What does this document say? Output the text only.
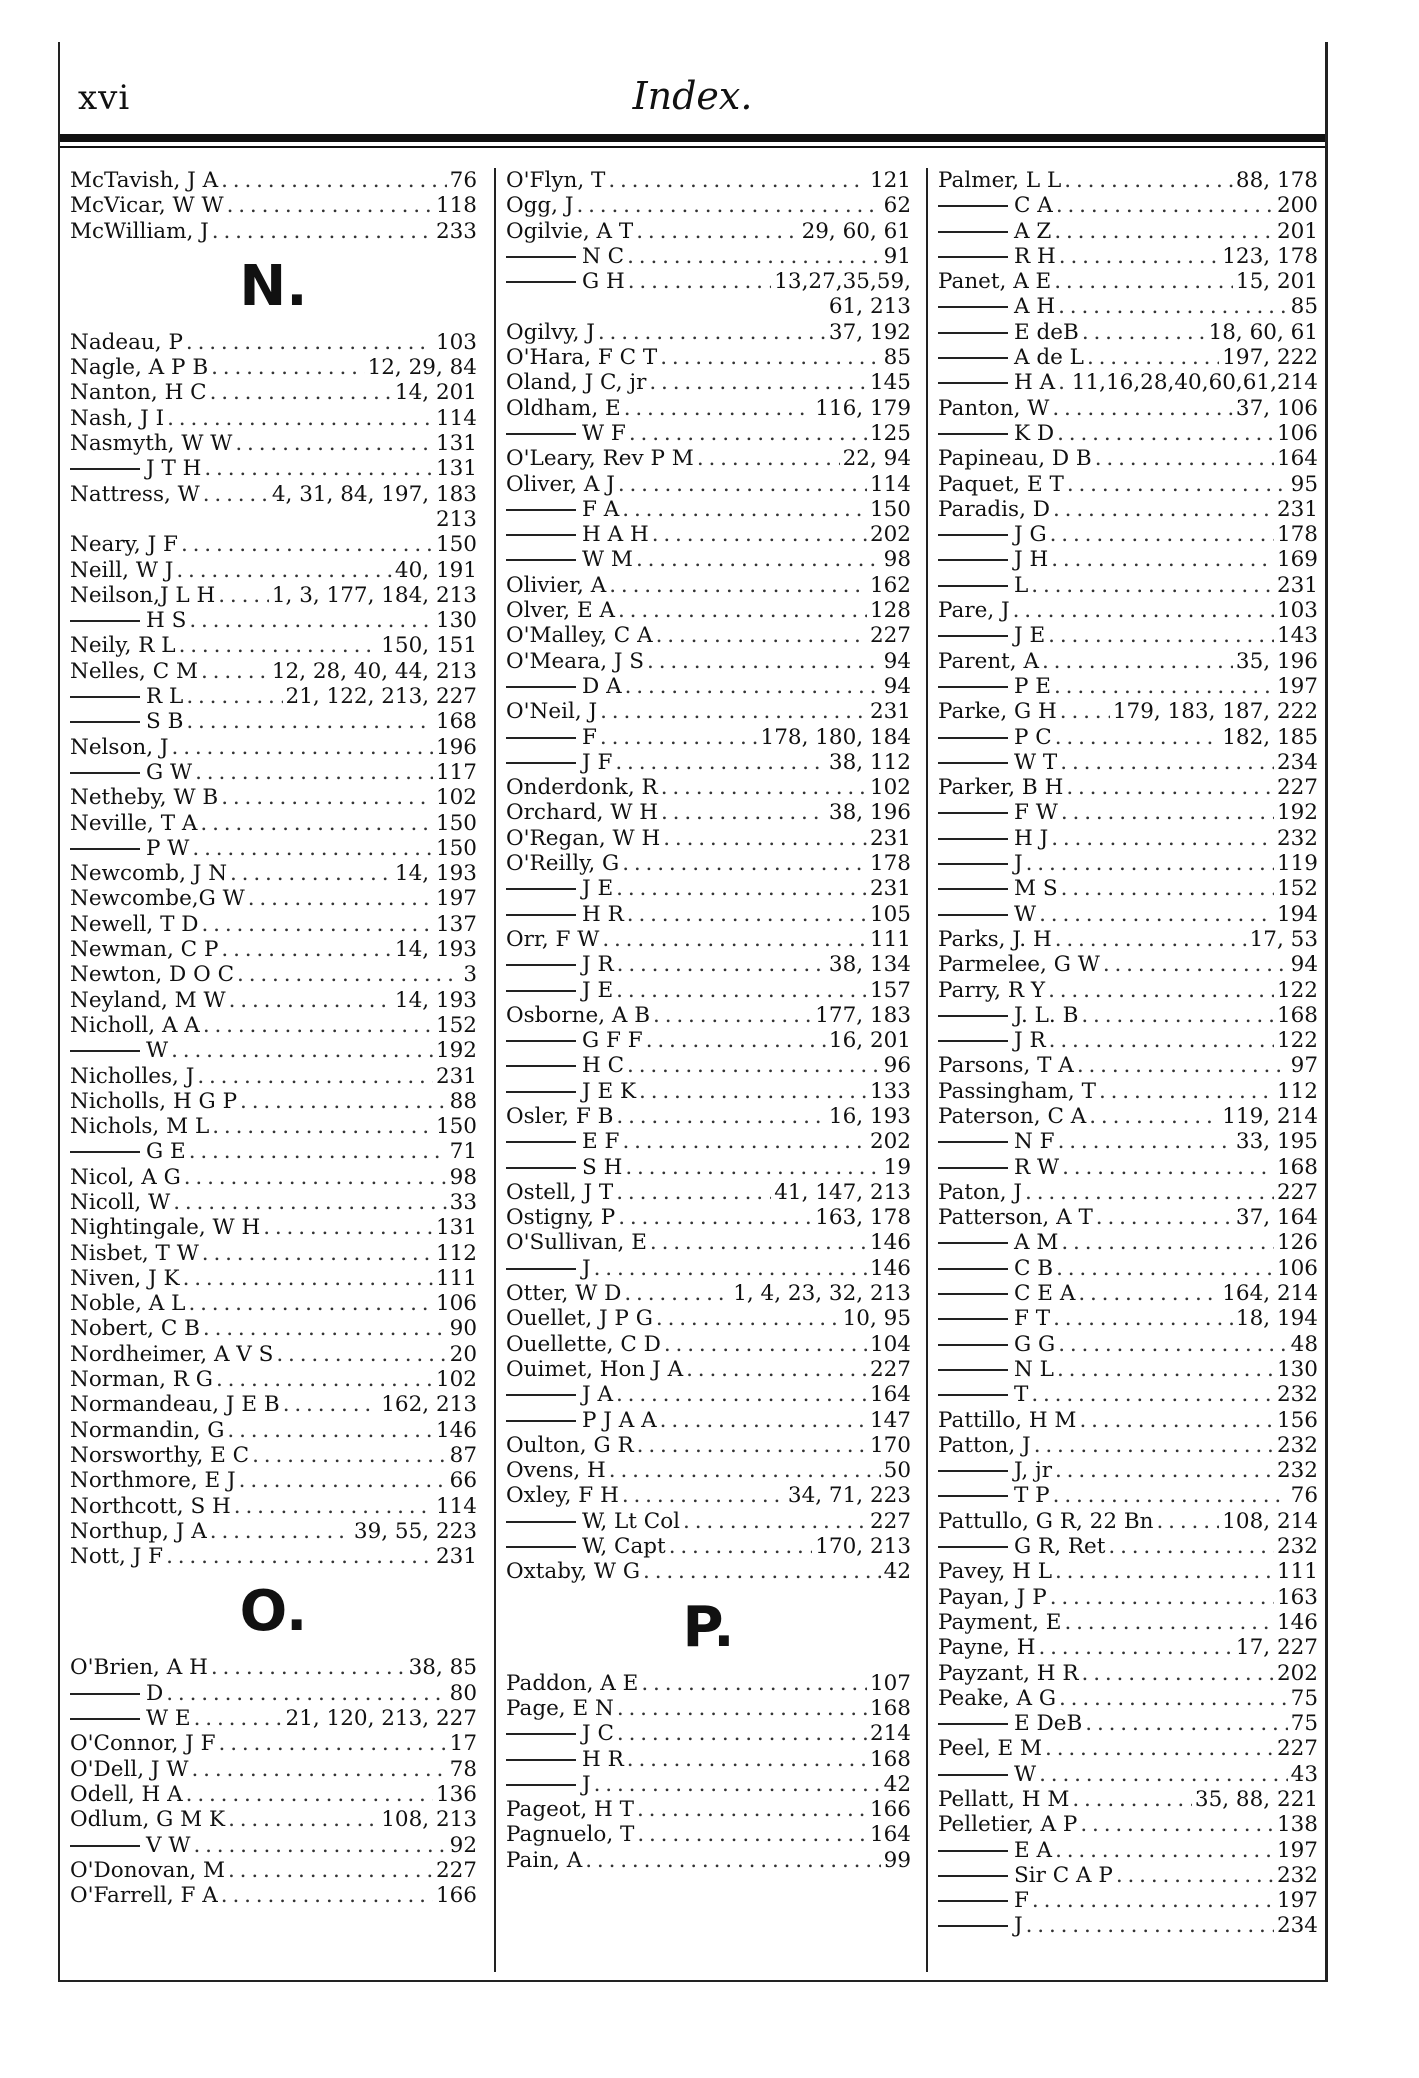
xvi	Index.
McTavish, J A . . .	76
McVicar, W W . . .	118
McWilliam, J . . .	233
N.
Nadeau, P . . .	103
Nagle, A P B . . .	12, 29, 84
Nanton, H C . . .	14, 201
Nash, J I . . .	114
Nasmyth, W W . . .	131
J T H . . .	131
Nattress, W . . .	4, 31, 84, 197, 183
213
Neary, J F . . .	150
Neill, W J . . .	40, 191
Neilson,J L H . . .	1, 3, 177, 184, 213
H S . . .	130
Neily, R L . . .	150, 151
Nelles, C M . . .	12, 28, 40, 44, 213
R L . . .	21, 122, 213, 227
S B . . .	168
Nelson, J . . .	196
G W . . .	117
Netheby, W B . . .	102
Neville, T A . . .	150
P W . . .	150
Newcomb, J N . . .	14, 193
Newcombe,G W . . .	197
Newell, T D . . .	137
Newman, C P . . .	14, 193
Newton, D O C . . .	3
Neyland, M W . . .	14, 193
Nicholl, A A . . .	152
W . . .	192
Nicholles, J . . .	231
Nicholls, H G P . . .	88
Nichols, M L . . .	150
G E . . .	71
Nicol, A G . . .	98
Nicoll, W . . .	33
Nightingale, W H . . .	131
Nisbet, T W . . .	112
Niven, J K . . .	111
Noble, A L . . .	106
Nobert, C B . . .	90
Nordheimer, A V S . . .	20
Norman, R G . . .	102
Normandeau, J E B . . .	162, 213
Normandin, G . . .	146
Norsworthy, E C . . .	87
Northmore, E J . . .	66
Northcott, S H . . .	114
Northup, J A . . .	39, 55, 223
Nott, J F . . .	231
O.
O'Brien, A H . . .	38, 85
D . . .	80
W E . . .	21, 120, 213, 227
O'Connor, J F . . .	17
O'Dell, J W . . .	78
Odell, H A . . .	136
Odlum, G M K . . .	108, 213
V W . . .	92
O'Donovan, M . . .	227
O'Farrell, F A . . .	166
O'Flyn, T . . .	121
Ogg, J . . .	62
Ogilvie, A T . . .	29, 60, 61
N C . . .	91
G H . . .	13,27,35,59,
61, 213
Ogilvy, J . . .	37, 192
O'Hara, F C T . . .	85
Oland, J C, jr . . .	145
Oldham, E . . .	116, 179
W F . . .	125
O'Leary, Rev P M . . .	22, 94
Oliver, A J . . .	114
F A . . .	150
H A H . . .	202
W M . . .	98
Olivier, A . . .	162
Olver, E A . . .	128
O'Malley, C A . . .	227
O'Meara, J S . . .	94
D A . . .	94
O'Neil, J . . .	231
F . . .	178, 180, 184
J F . . .	38, 112
Onderdonk, R . . .	102
Orchard, W H . . .	38, 196
O'Regan, W H . . .	231
O'Reilly, G . . .	178
J E . . .	231
H R . . .	105
Orr, F W . . .	111
J R . . .	38, 134
J E . . .	157
Osborne, A B . . .	177, 183
G F F . . .	16, 201
H C . . .	96
J E K . . .	133
Osler, F B . . .	16, 193
E F . . .	202
S H . . .	19
Ostell, J T . . .	41, 147, 213
Ostigny, P . . .	163, 178
O'Sullivan, E . . .	146
J . . .	146
Otter, W D . . .	1, 4, 23, 32, 213
Ouellet, J P G . . .	10, 95
Ouellette, C D . . .	104
Ouimet, Hon J A . . .	227
J A . . .	164
P J A A . . .	147
Oulton, G R . . .	170
Ovens, H . . .	50
Oxley, F H . . .	34, 71, 223
W, Lt Col . . .	227
W, Capt . . .	170, 213
Oxtaby, W G . . .	42
P.
Paddon, A E . . .	107
Page, E N . . .	168
J C . . .	214
H R . . .	168
J . . .	42
Pageot, H T . . .	166
Pagnuelo, T . . .	164
Pain, A . . .	99
Palmer, L L . . .	88, 178
C A . . .	200
A Z . . .	201
R H . . .	123, 178
Panet, A E . . .	15, 201
A H . . .	85
E deB . . .	18, 60, 61
A de L . . .	197, 222
H A . . . 11,16,28,40,60,61,214
Panton, W . . .	37, 106
K D . . .	106
Papineau, D B . . .	164
Paquet, E T . . .	95
Paradis, D . . .	231
J G . . .	178
J H . . .	169
L . . .	231
Pare, J . . .	103
J E . . .	143
Parent, A . . .	35, 196
P E . . .	197
Parke, G H . . .	179, 183, 187, 222
P C . . .	182, 185
W T . . .	234
Parker, B H . . .	227
F W . . .	192
H J . . .	232
J . . .	119
M S . . .	152
W . . .	194
Parks, J. H . . .	17, 53
Parmelee, G W . . .	94
Parry, R Y . . .	122
J. L. B . . .	168
J R . . .	122
Parsons, T A . . .	97
Passingham, T . . .	112
Paterson, C A . . .	119, 214
N F . . .	33, 195
R W . . .	168
Paton, J . . .	227
Patterson, A T . . .	37, 164
A M . . .	126
C B . . .	106
C E A . . .	164, 214
F T . . .	18, 194
G G . . .	48
N L . . .	130
T . . .	232
Pattillo, H M . . .	156
Patton, J . . .	232
J, jr . . .	232
T P . . .	76
Pattullo, G R, 22 Bn . . .	108, 214
G R, Ret . . .	232
Pavey, H L . . .	111
Payan, J P . . .	163
Payment, E . . .	146
Payne, H . . .	17, 227
Payzant, H R . . .	202
Peake, A G . . .	75
E DeB . . .	75
Peel, E M . . .	227
W . . .	43
Pellatt, H M . . .	35, 88, 221
Pelletier, A P . . .	138
E A . . .	197
Sir C A P . . .	232
F . . .	197
J . . .	234
